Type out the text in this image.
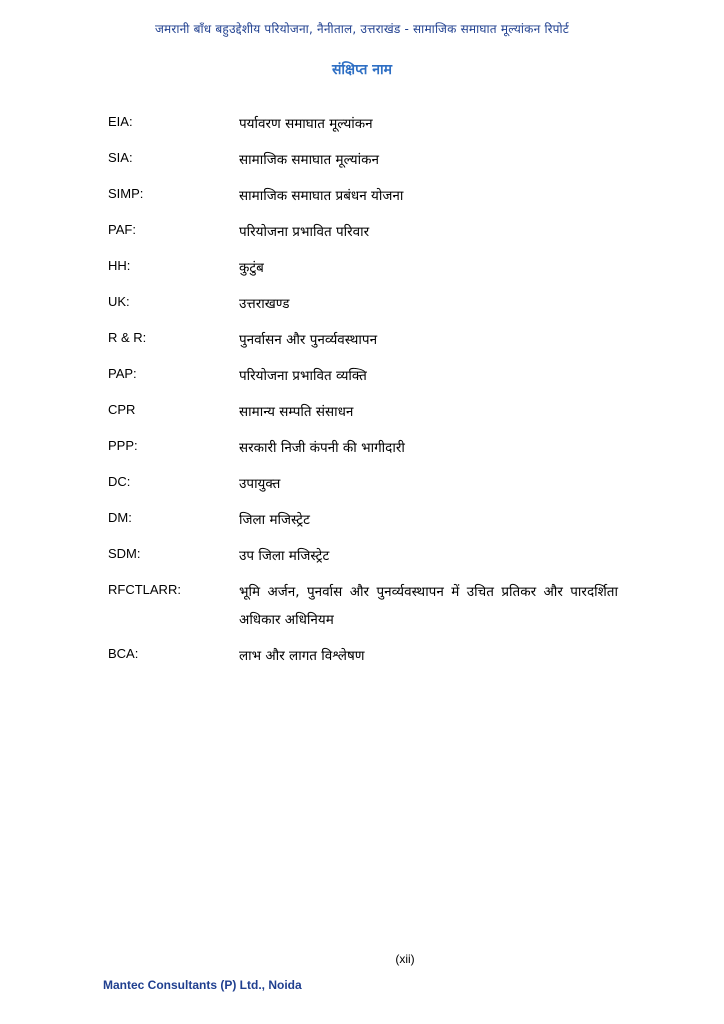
जमरानी बाँध बहुउद्देशीय परियोजना, नैनीताल, उत्तराखंड - सामाजिक समाघात मूल्यांकन रिपोर्ट
संक्षिप्त नाम
EIA:	पर्यावरण समाघात मूल्यांकन
SIA:	सामाजिक समाघात मूल्यांकन
SIMP:	सामाजिक समाघात प्रबंधन योजना
PAF:	परियोजना प्रभावित परिवार
HH:	कुटुंब
UK:	उत्तराखण्ड
R & R:	पुनर्वासन और पुनर्व्यवस्थापन
PAP:	परियोजना प्रभावित व्यक्ति
CPR	सामान्य सम्पति संसाधन
PPP:	सरकारी निजी कंपनी की भागीदारी
DC:	उपायुक्त
DM:	जिला मजिस्ट्रेट
SDM:	उप जिला मजिस्ट्रेट
RFCTLARR:	भूमि अर्जन, पुनर्वास और पुनर्व्यवस्थापन में उचित प्रतिकर और पारदर्शिता अधिकार अधिनियम
BCA:	लाभ और लागत विश्लेषण
(xii)
Mantec Consultants (P) Ltd., Noida
